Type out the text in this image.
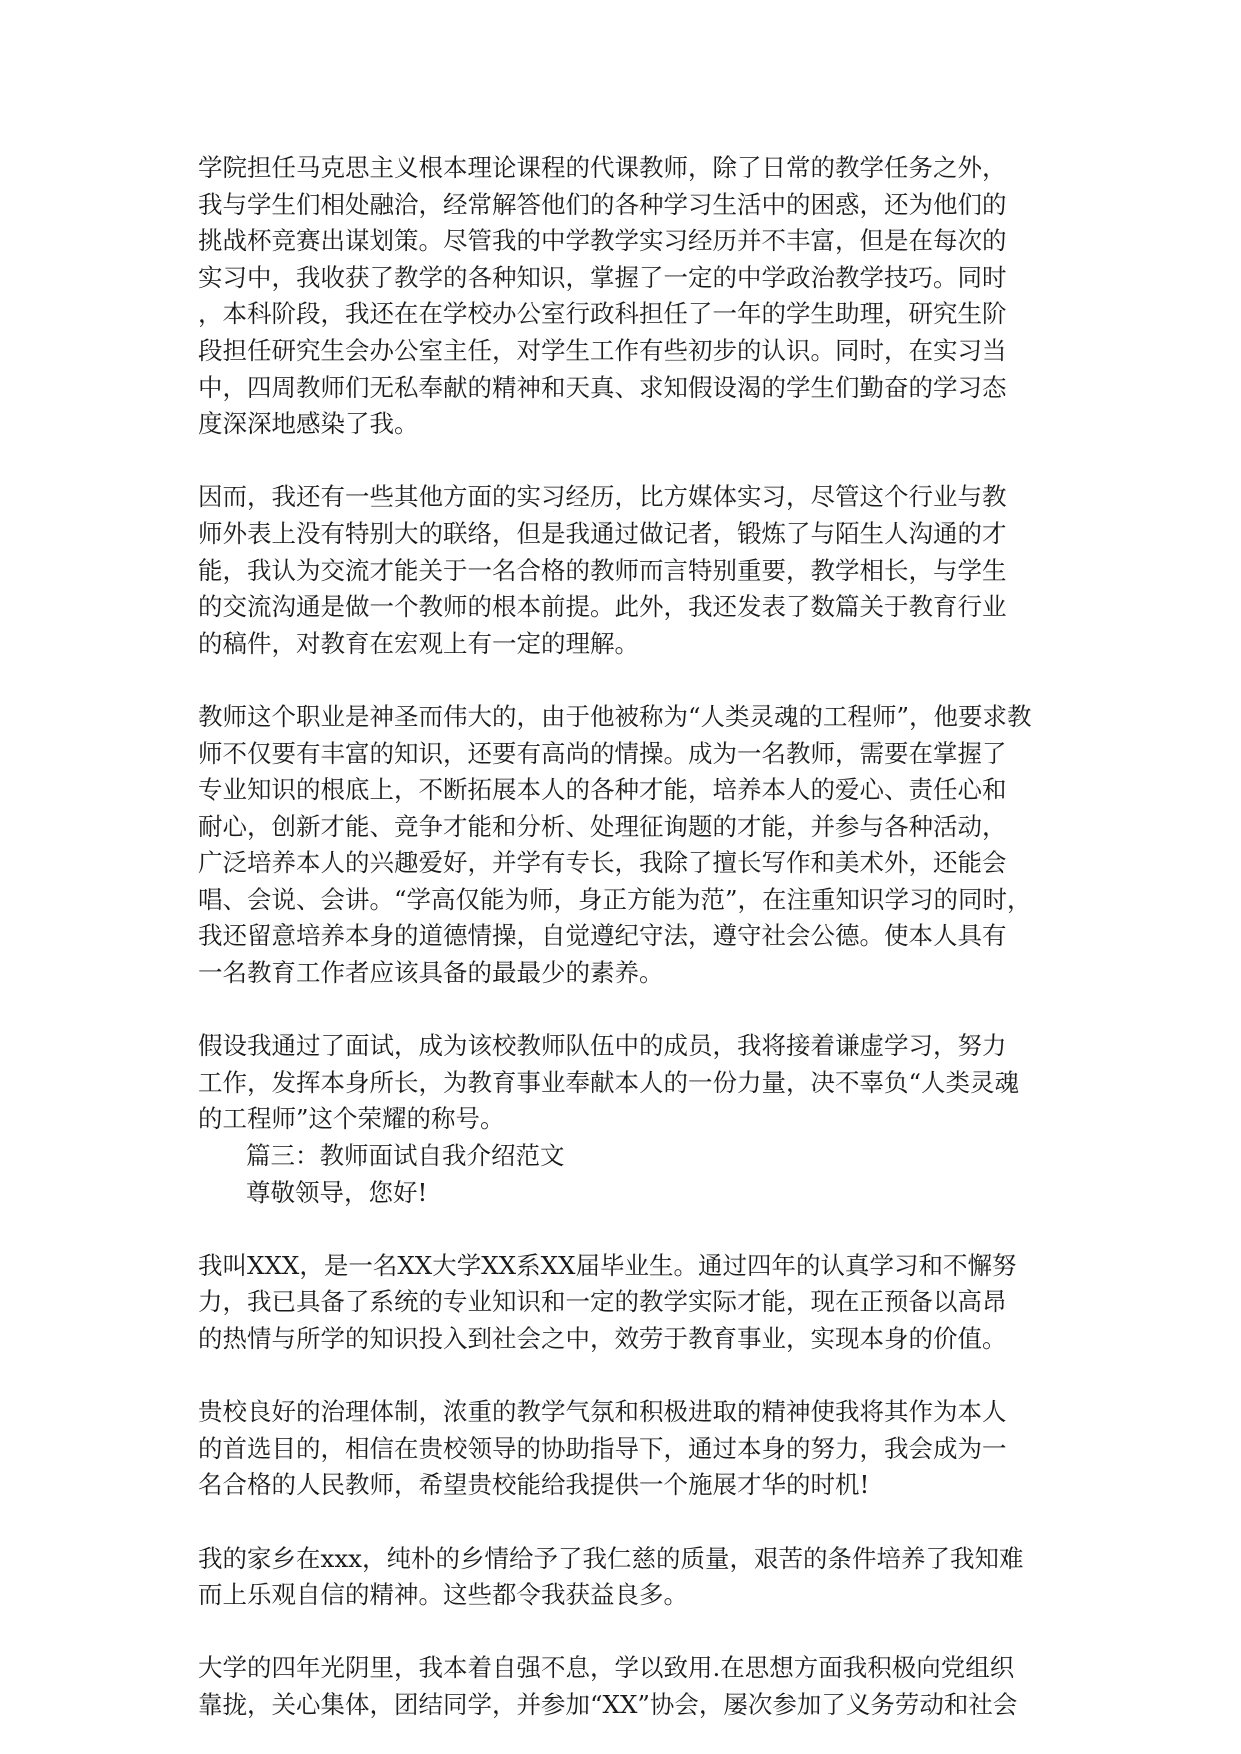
学院担任马克思主义根本理论课程的代课教师，除了日常的教学任务之外，
我与学生们相处融洽，经常解答他们的各种学习生活中的困惑，还为他们的
挑战杯竞赛出谋划策。尽管我的中学教学实习经历并不丰富，但是在每次的
实习中，我收获了教学的各种知识，掌握了一定的中学政治教学技巧。同时
，本科阶段，我还在在学校办公室行政科担任了一年的学生助理，研究生阶
段担任研究生会办公室主任，对学生工作有些初步的认识。同时，在实习当
中，四周教师们无私奉献的精神和天真、求知假设渴的学生们勤奋的学习态
度深深地感染了我。
因而，我还有一些其他方面的实习经历，比方媒体实习，尽管这个行业与教
师外表上没有特别大的联络，但是我通过做记者，锻炼了与陌生人沟通的才
能，我认为交流才能关于一名合格的教师而言特别重要，教学相长，与学生
的交流沟通是做一个教师的根本前提。此外，我还发表了数篇关于教育行业
的稿件，对教育在宏观上有一定的理解。
教师这个职业是神圣而伟大的，由于他被称为“人类灵魂的工程师”，他要求教
师不仅要有丰富的知识，还要有高尚的情操。成为一名教师，需要在掌握了
专业知识的根底上，不断拓展本人的各种才能，培养本人的爱心、责任心和
耐心，创新才能、竞争才能和分析、处理征询题的才能，并参与各种活动，
广泛培养本人的兴趣爱好，并学有专长，我除了擅长写作和美术外，还能会
唱、会说、会讲。“学高仅能为师，身正方能为范”，在注重知识学习的同时，
我还留意培养本身的道德情操，自觉遵纪守法，遵守社会公德。使本人具有
一名教育工作者应该具备的最最少的素养。
假设我通过了面试，成为该校教师队伍中的成员，我将接着谦虚学习，努力
工作，发挥本身所长，为教育事业奉献本人的一份力量，决不辜负“人类灵魂
的工程师”这个荣耀的称号。
篇三：教师面试自我介绍范文
尊敬领导，您好!
我叫XXX，是一名XX大学XX系XX届毕业生。通过四年的认真学习和不懈努
力，我已具备了系统的专业知识和一定的教学实际才能，现在正预备以高昂
的热情与所学的知识投入到社会之中，效劳于教育事业，实现本身的价值。
贵校良好的治理体制，浓重的教学气氛和积极进取的精神使我将其作为本人
的首选目的，相信在贵校领导的协助指导下，通过本身的努力，我会成为一
名合格的人民教师，希望贵校能给我提供一个施展才华的时机!
我的家乡在xxx，纯朴的乡情给予了我仁慈的质量，艰苦的条件培养了我知难
而上乐观自信的精神。这些都令我获益良多。
大学的四年光阴里，我本着自强不息，学以致用.在思想方面我积极向党组织
靠拢，关心集体，团结同学，并参加“XX”协会，屡次参加了义务劳动和社会
